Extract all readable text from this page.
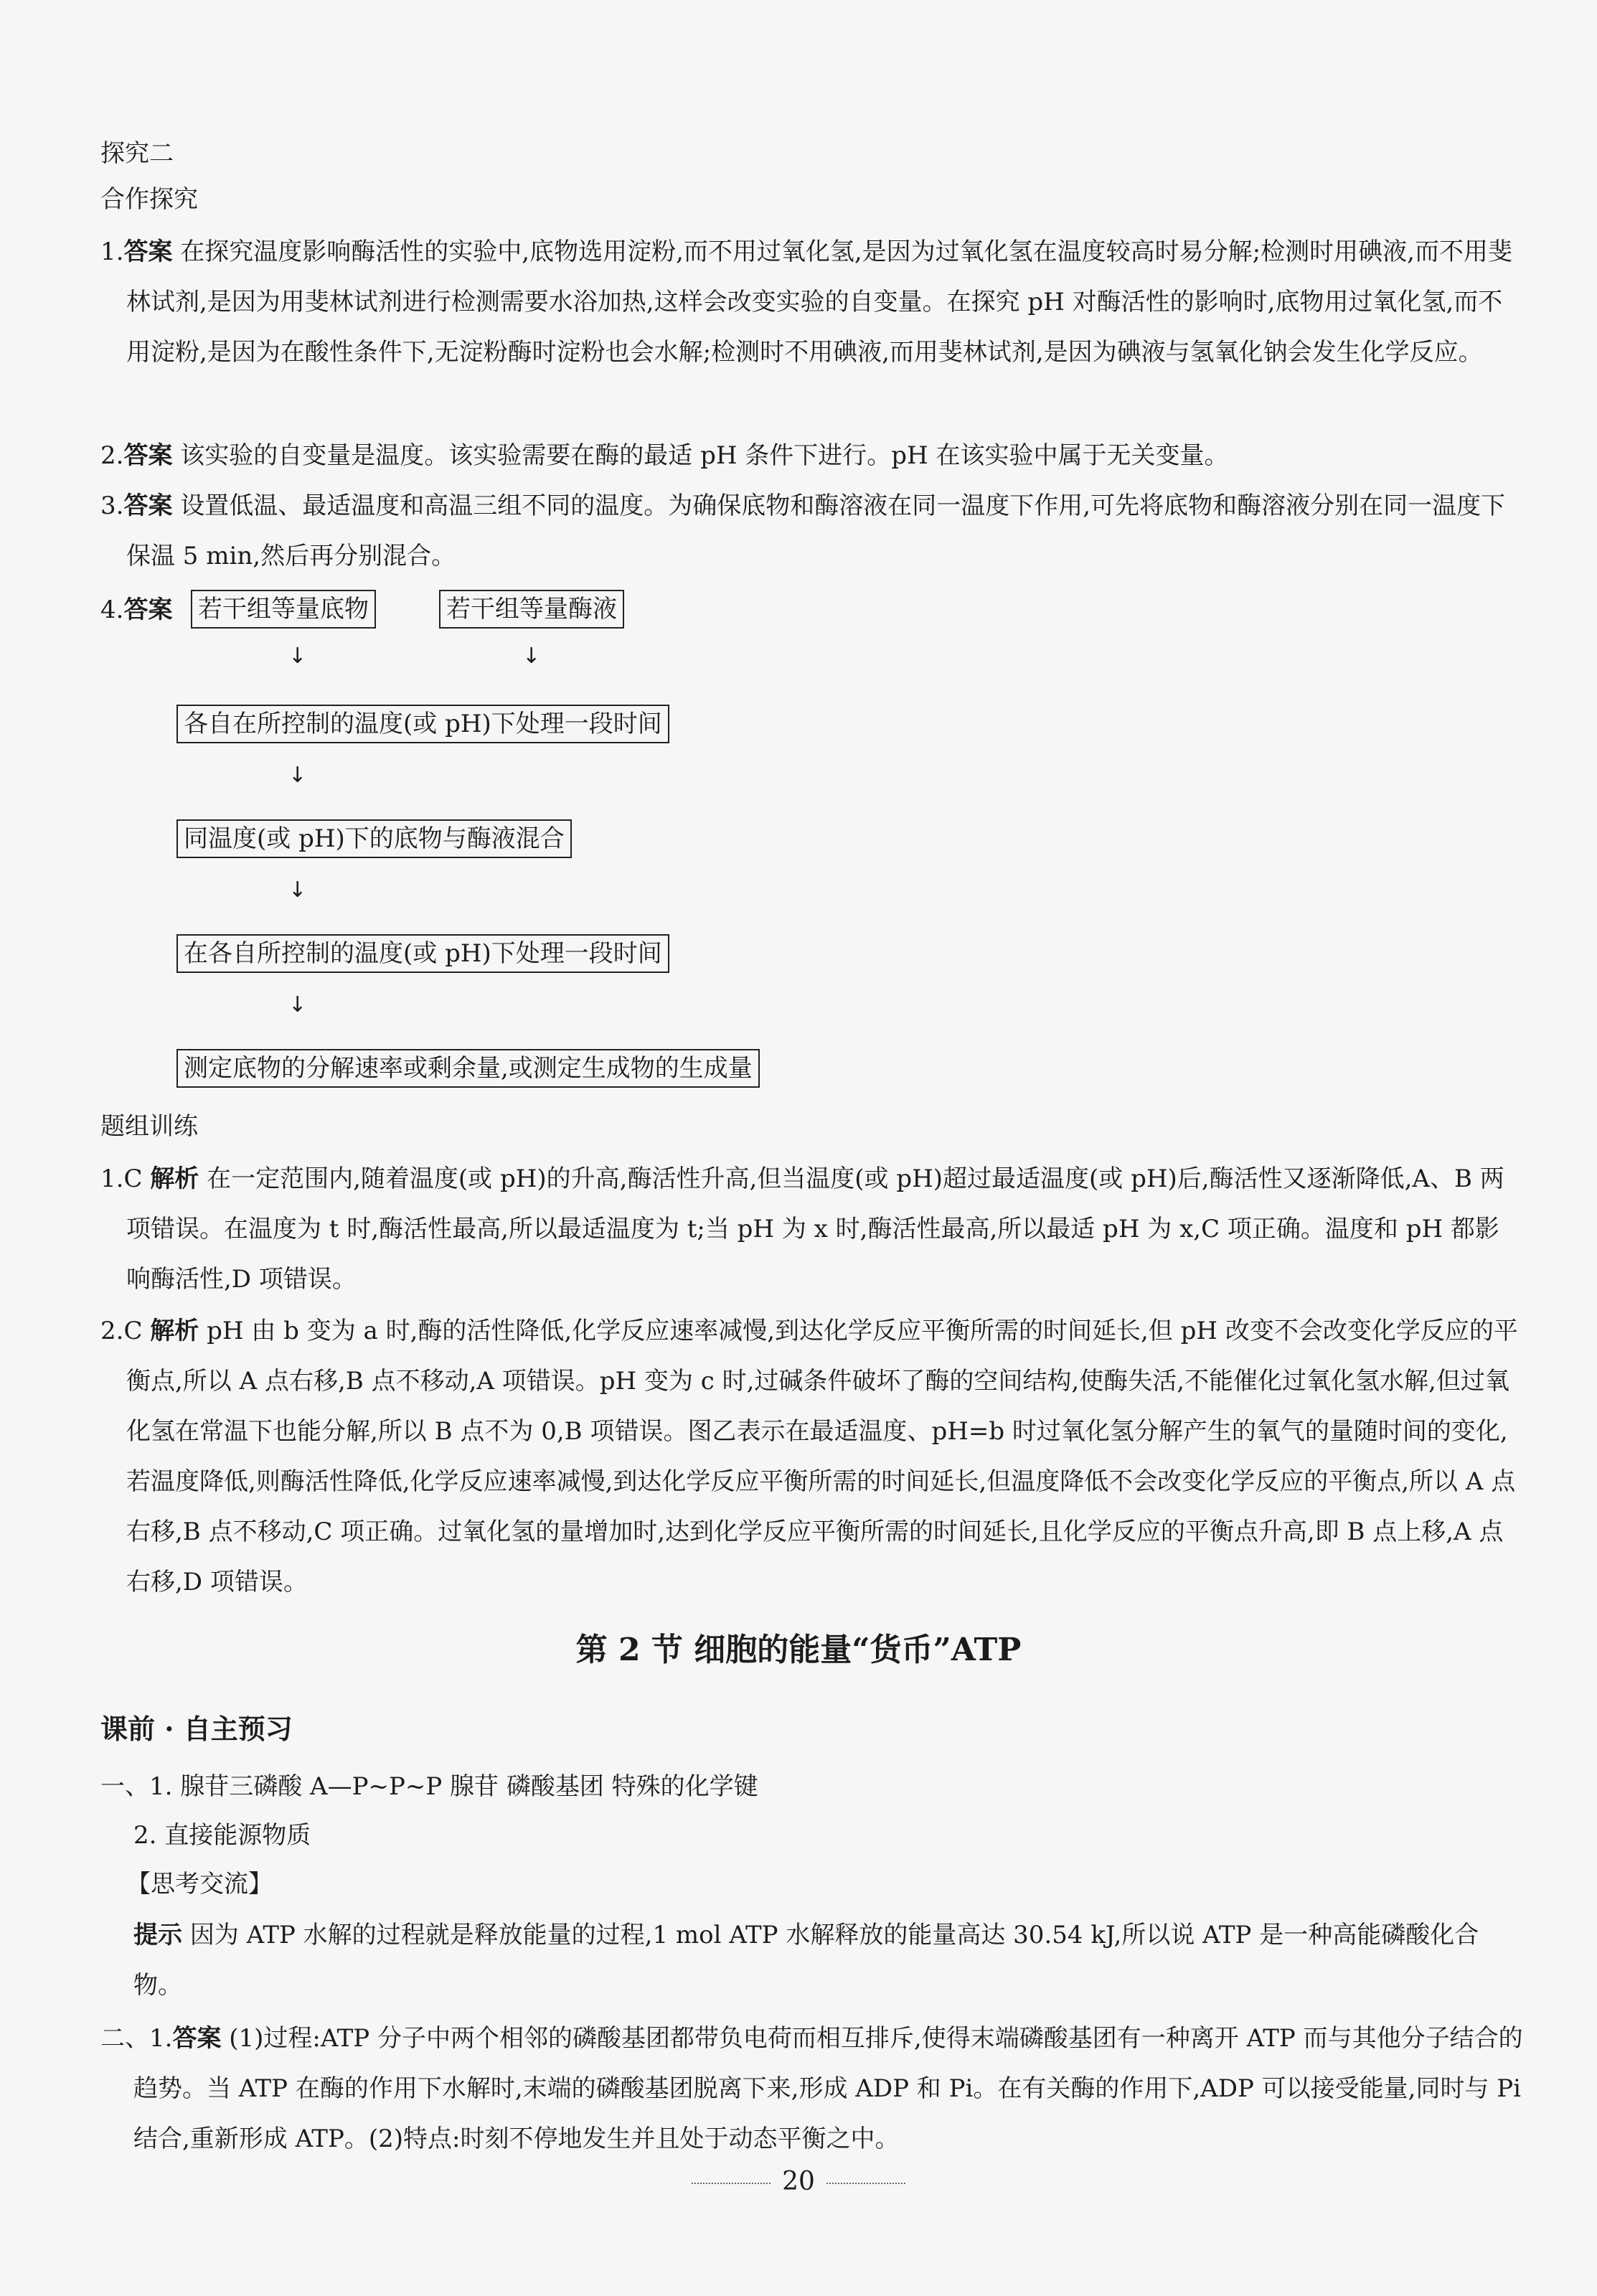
探究二
合作探究
1.答案 在探究温度影响酶活性的实验中,底物选用淀粉,而不用过氧化氢,是因为过氧化氢在温度较高时易分解;检测时用碘液,而不用斐林试剂,是因为用斐林试剂进行检测需要水浴加热,这样会改变实验的自变量。在探究 pH 对酶活性的影响时,底物用过氧化氢,而不用淀粉,是因为在酸性条件下,无淀粉酶时淀粉也会水解;检测时不用碘液,而用斐林试剂,是因为碘液与氢氧化钠会发生化学反应。
2.答案 该实验的自变量是温度。该实验需要在酶的最适 pH 条件下进行。pH 在该实验中属于无关变量。
3.答案 设置低温、最适温度和高温三组不同的温度。为确保底物和酶溶液在同一温度下作用,可先将底物和酶溶液分别在同一温度下保温 5 min,然后再分别混合。
4.答案 若干组等量底物	若干组等量酶液
↓	↓
各自在所控制的温度(或 pH)下处理一段时间
↓
同温度(或 pH)下的底物与酶液混合
↓
在各自所控制的温度(或 pH)下处理一段时间
↓
测定底物的分解速率或剩余量,或测定生成物的生成量
题组训练
1.C 解析 在一定范围内,随着温度(或 pH)的升高,酶活性升高,但当温度(或 pH)超过最适温度(或 pH)后,酶活性又逐渐降低,A、B 两项错误。在温度为 t 时,酶活性最高,所以最适温度为 t;当 pH 为 x 时,酶活性最高,所以最适 pH 为 x,C 项正确。温度和 pH 都影响酶活性,D 项错误。
2.C 解析 pH 由 b 变为 a 时,酶的活性降低,化学反应速率减慢,到达化学反应平衡所需的时间延长,但 pH 改变不会改变化学反应的平衡点,所以 A 点右移,B 点不移动,A 项错误。pH 变为 c 时,过碱条件破坏了酶的空间结构,使酶失活,不能催化过氧化氢水解,但过氧化氢在常温下也能分解,所以 B 点不为 0,B 项错误。图乙表示在最适温度、pH=b 时过氧化氢分解产生的氧气的量随时间的变化,若温度降低,则酶活性降低,化学反应速率减慢,到达化学反应平衡所需的时间延长,但温度降低不会改变化学反应的平衡点,所以 A 点右移,B 点不移动,C 项正确。过氧化氢的量增加时,达到化学反应平衡所需的时间延长,且化学反应的平衡点升高,即 B 点上移,A 点右移,D 项错误。
第 2 节 细胞的能量“货币”ATP
课前 · 自主预习
一、1. 腺苷三磷酸 A—P~P~P 腺苷 磷酸基团 特殊的化学键
2. 直接能源物质
【思考交流】
提示 因为 ATP 水解的过程就是释放能量的过程,1 mol ATP 水解释放的能量高达 30.54 kJ,所以说 ATP 是一种高能磷酸化合物。
二、1.答案 (1)过程:ATP 分子中两个相邻的磷酸基团都带负电荷而相互排斥,使得末端磷酸基团有一种离开 ATP 而与其他分子结合的趋势。当 ATP 在酶的作用下水解时,末端的磷酸基团脱离下来,形成 ADP 和 Pi。在有关酶的作用下,ADP 可以接受能量,同时与 Pi 结合,重新形成 ATP。(2)特点:时刻不停地发生并且处于动态平衡之中。
20
